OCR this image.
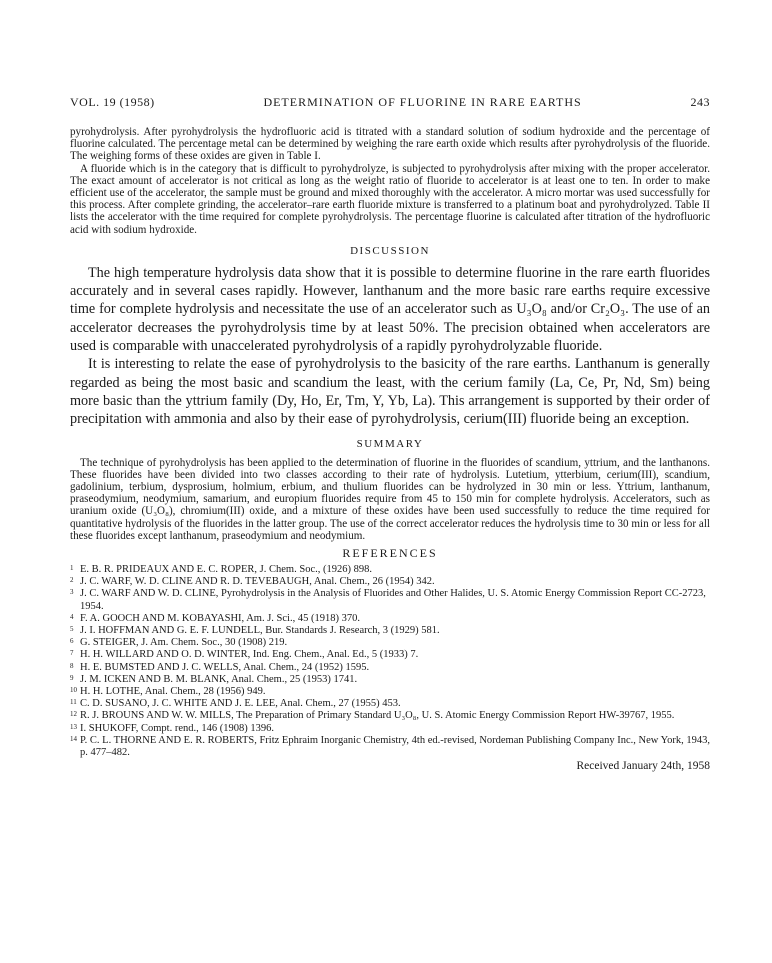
VOL. 19 (1958)	DETERMINATION OF FLUORINE IN RARE EARTHS	243

pyrohydrolysis. After pyrohydrolysis the hydrofluoric acid is titrated with a standard solution of sodium hydroxide and the percentage of fluorine calculated. The percentage metal can be determined by weighing the rare earth oxide which results after pyrohydrolysis of the fluoride. The weighing forms of these oxides are given in Table I.

A fluoride which is in the category that is difficult to pyrohydrolyze, is subjected to pyrohydrolysis after mixing with the proper accelerator. The exact amount of accelerator is not critical as long as the weight ratio of fluoride to accelerator is at least one to ten. In order to make efficient use of the accelerator, the sample must be ground and mixed thoroughly with the accelerator. A micro mortar was used successfully for this process. After complete grinding, the accelerator–rare earth fluoride mixture is transferred to a platinum boat and pyrohydrolyzed. Table II lists the accelerator with the time required for complete pyrohydrolysis. The percentage fluorine is calculated after titration of the hydrofluoric acid with sodium hydroxide.

DISCUSSION

The high temperature hydrolysis data show that it is possible to determine fluorine in the rare earth fluorides accurately and in several cases rapidly. However, lanthanum and the more basic rare earths require excessive time for complete hydrolysis and necessitate the use of an accelerator such as U₃O₈ and/or Cr₂O₃. The use of an accelerator decreases the pyrohydrolysis time by at least 50%. The precision obtained when accelerators are used is comparable with unaccelerated pyrohydrolysis of a rapidly pyrohydrolyzable fluoride.

It is interesting to relate the ease of pyrohydrolysis to the basicity of the rare earths. Lanthanum is generally regarded as being the most basic and scandium the least, with the cerium family (La, Ce, Pr, Nd, Sm) being more basic than the yttrium family (Dy, Ho, Er, Tm, Y, Yb, La). This arrangement is supported by their order of precipitation with ammonia and also by their ease of pyrohydrolysis, cerium(III) fluoride being an exception.

SUMMARY

The technique of pyrohydrolysis has been applied to the determination of fluorine in the fluorides of scandium, yttrium, and the lanthanons. These fluorides have been divided into two classes according to their rate of hydrolysis. Lutetium, ytterbium, cerium(III), scandium, gadolinium, terbium, dysprosium, holmium, erbium, and thulium fluorides can be hydrolyzed in 30 min or less. Yttrium, lanthanum, praseodymium, neodymium, samarium, and europium fluorides require from 45 to 150 min for complete hydrolysis. Accelerators, such as uranium oxide (U₃O₈), chromium(III) oxide, and a mixture of these oxides have been used successfully to reduce the time required for quantitative hydrolysis of the fluorides in the latter group. The use of the correct accelerator reduces the hydrolysis time to 30 min or less for all these fluorides except lanthanum, praseodymium and neodymium.

REFERENCES
1 E. B. R. PRIDEAUX AND E. C. ROPER, J. Chem. Soc., (1926) 898.
2 J. C. WARF, W. D. CLINE AND R. D. TEVEBAUGH, Anal. Chem., 26 (1954) 342.
3 J. C. WARF AND W. D. CLINE, Pyrohydrolysis in the Analysis of Fluorides and Other Halides, U. S. Atomic Energy Commission Report CC-2723, 1954.
4 F. A. GOOCH AND M. KOBAYASHI, Am. J. Sci., 45 (1918) 370.
5 J. I. HOFFMAN AND G. E. F. LUNDELL, Bur. Standards J. Research, 3 (1929) 581.
6 G. STEIGER, J. Am. Chem. Soc., 30 (1908) 219.
7 H. H. WILLARD AND O. D. WINTER, Ind. Eng. Chem., Anal. Ed., 5 (1933) 7.
8 H. E. BUMSTED AND J. C. WELLS, Anal. Chem., 24 (1952) 1595.
9 J. M. ICKEN AND B. M. BLANK, Anal. Chem., 25 (1953) 1741.
10 H. H. LOTHE, Anal. Chem., 28 (1956) 949.
11 C. D. SUSANO, J. C. WHITE AND J. E. LEE, Anal. Chem., 27 (1955) 453.
12 R. J. BROUNS AND W. W. MILLS, The Preparation of Primary Standard U₃O₈, U. S. Atomic Energy Commission Report HW-39767, 1955.
13 I. SHUKOFF, Compt. rend., 146 (1908) 1396.
14 P. C. L. THORNE AND E. R. ROBERTS, Fritz Ephraim Inorganic Chemistry, 4th ed.-revised, Nordeman Publishing Company Inc., New York, 1943, p. 477–482.
Received January 24th, 1958
